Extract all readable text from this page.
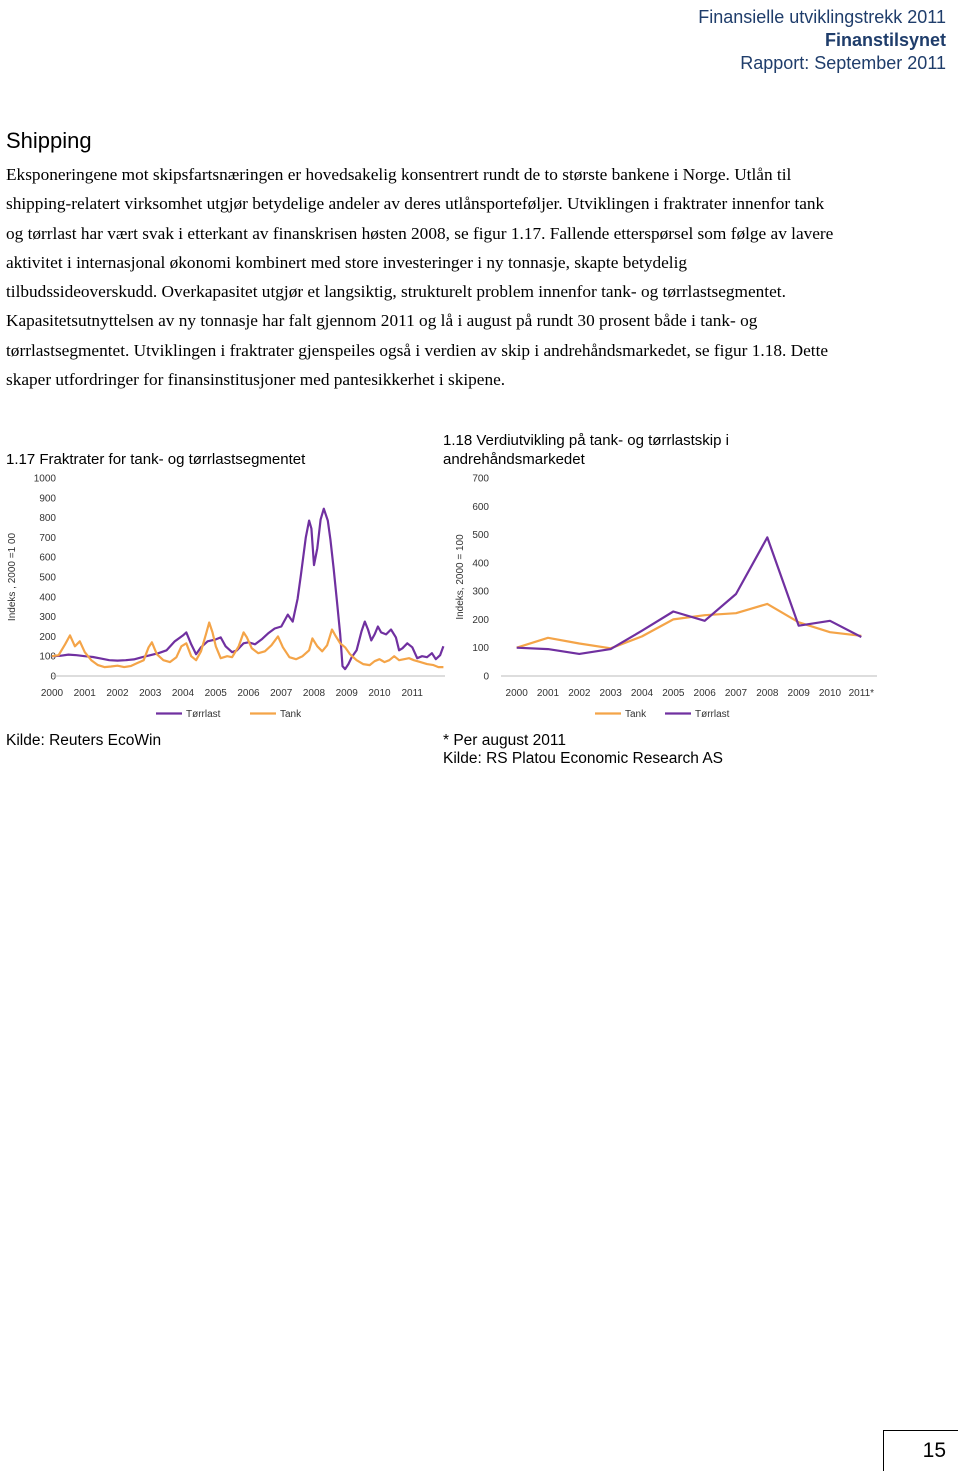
Finansielle utviklingstrekk 2011
Finanstilsynet
Rapport: September 2011
Shipping
Eksponeringene mot skipsfartsnæringen er hovedsakelig konsentrert rundt de to største bankene i Norge. Utlån til shipping-relatert virksomhet utgjør betydelige andeler av deres utlånsporteføljer. Utviklingen i fraktrater innenfor tank og tørrlast har vært svak i etterkant av finanskrisen høsten 2008, se figur 1.17. Fallende etterspørsel som følge av lavere aktivitet i internasjonal økonomi kombinert med store investeringer i ny tonnasje, skapte betydelig tilbudssideoverskudd. Overkapasitet utgjør et langsiktig, strukturelt problem innenfor tank- og tørrlastsegmentet. Kapasitetsutnyttelsen av ny tonnasje har falt gjennom 2011 og lå i august på rundt 30 prosent både i tank- og tørrlastsegmentet. Utviklingen i fraktrater gjenspeiles også i verdien av skip i andrehåndsmarkedet, se figur 1.18. Dette skaper utfordringer for finansinstitusjoner med pantesikkerhet i skipene.
1.17 Fraktrater for tank- og tørrlastsegmentet
Indeks , 2000 =1 00
0
100
200
300
400
500
600
700
800
900
1000
2000 2001 2002 2003 2004 2005 2006 2007 2008 2009 2010 2011
Tørrlast	Tank
Kilde: Reuters EcoWin
1.18 Verdiutvikling på tank- og tørrlastskip i
andrehåndsmarkedet
Indeks, 2000 = 100
0
100
200
300
400
500
600
700
2000 2001 2002 2003 2004 2005 2006 2007 2008 2009 2010 2011*
Tank	Tørrlast
* Per august 2011
Kilde: RS Platou Economic Research AS
15
